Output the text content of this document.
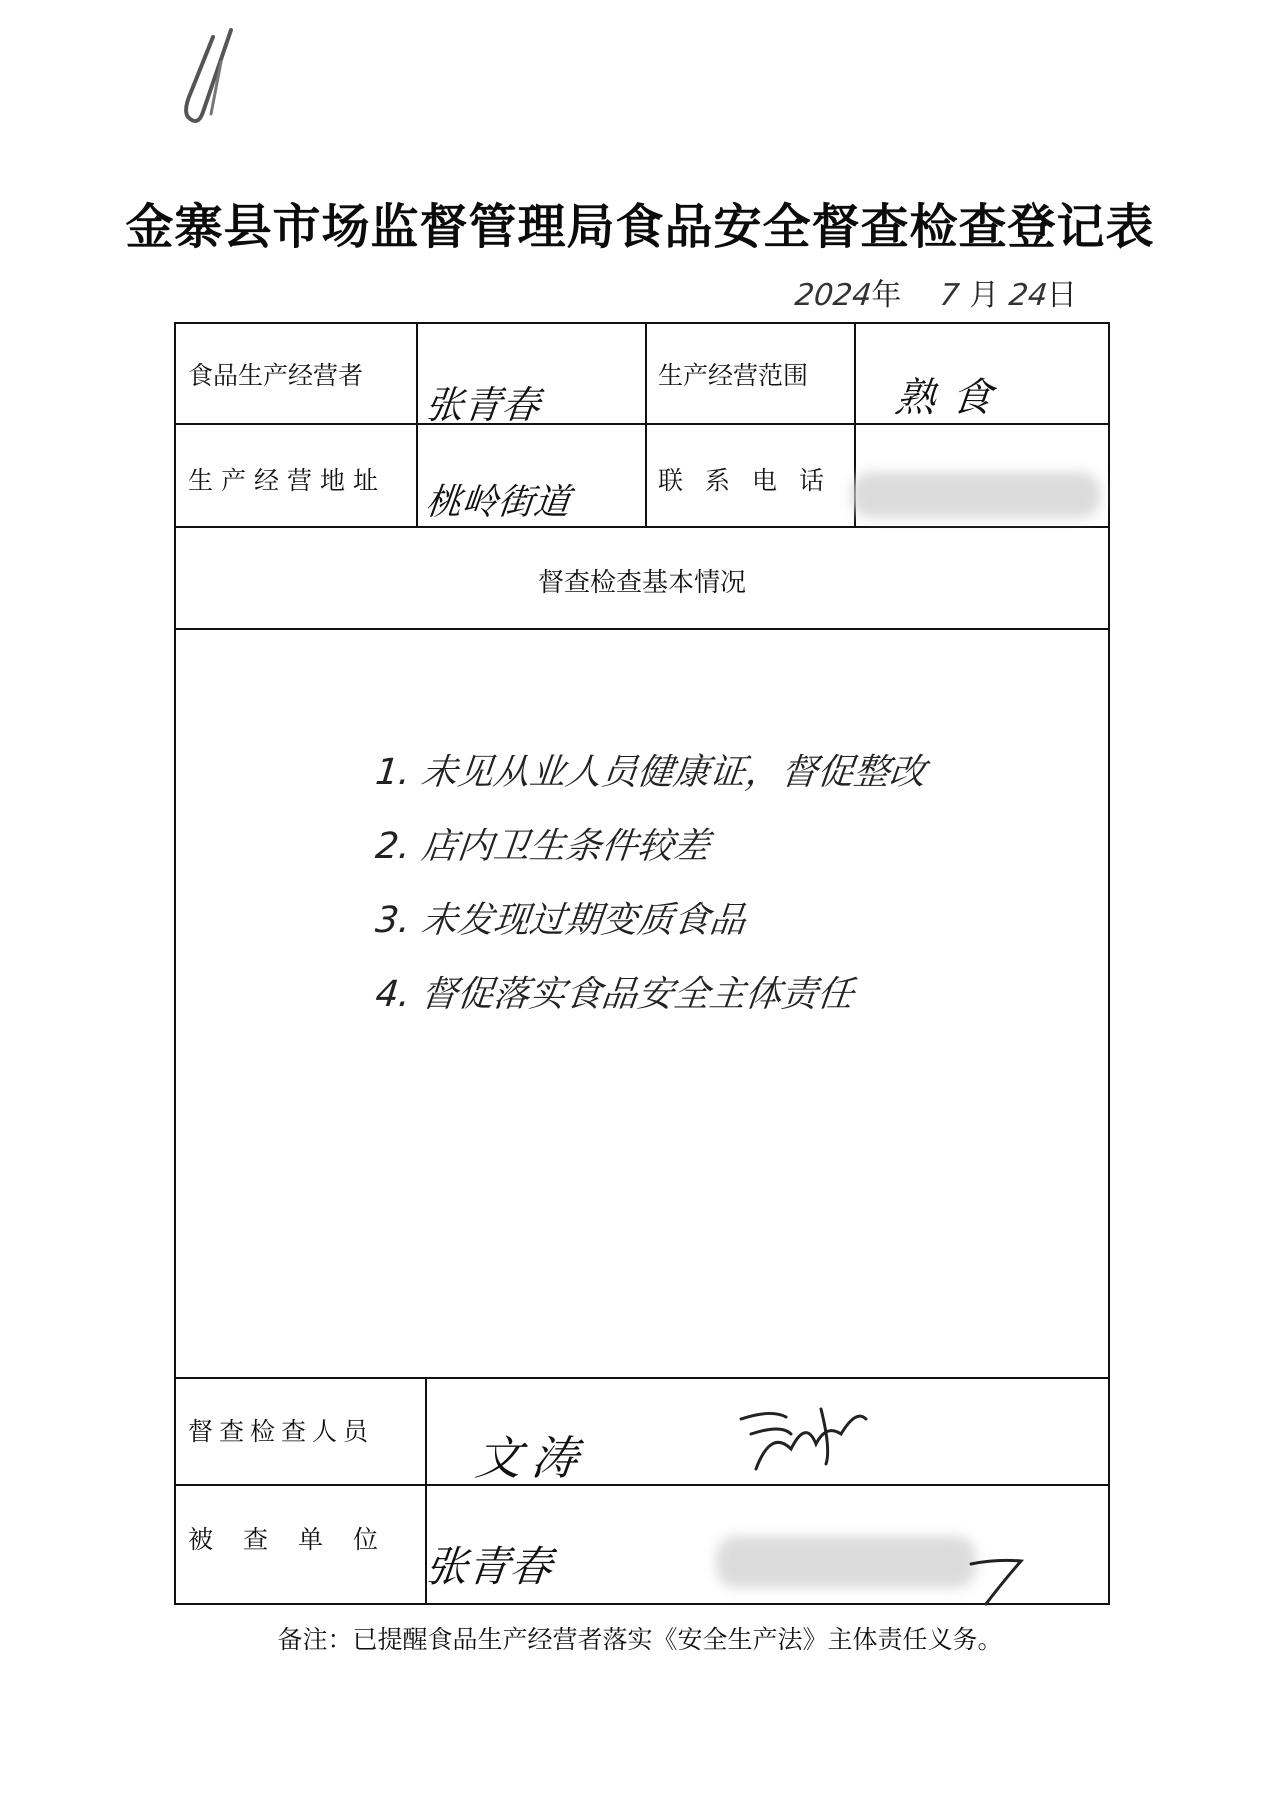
金寨县市场监督管理局食品安全督查检查登记表
2024年 7 月 24日
食品生产经营者
张青春
生产经营范围 熟食
生产经营地址
桃岭街道
联系电话
督查检查基本情况
1. 未见从业人员健康证，督促整改
2. 店内卫生条件较差
3. 未发现过期变质食品
4. 督促落实食品安全主体责任
督查检查人员 文涛
被查单位
张青春
备注：已提醒食品生产经营者落实《安全生产法》主体责任义务。
